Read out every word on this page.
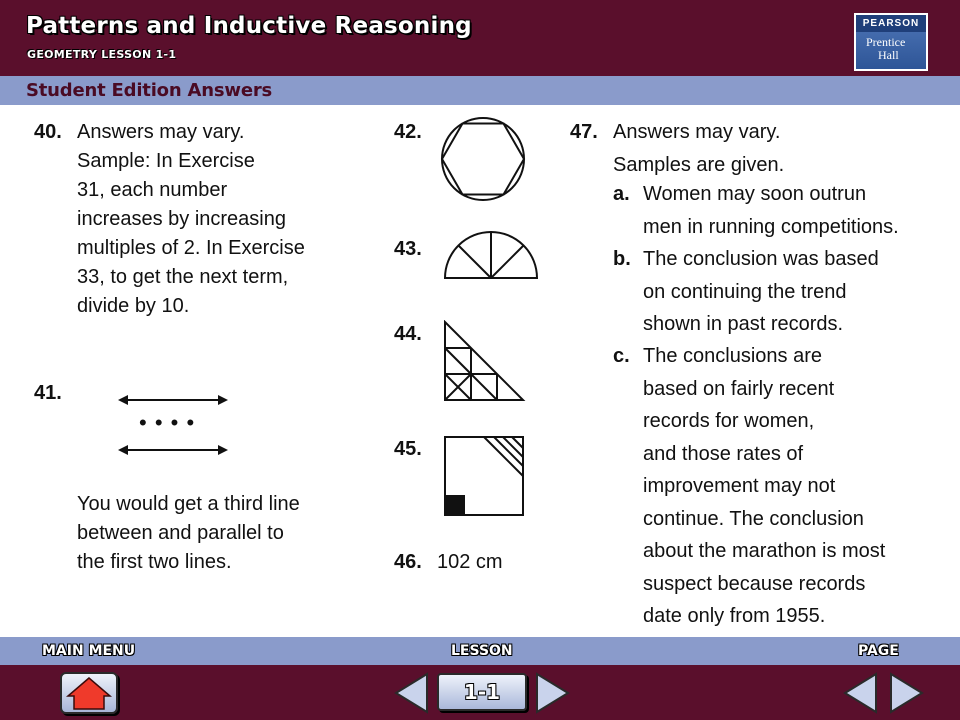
Patterns and Inductive Reasoning
GEOMETRY LESSON 1-1
PEARSON
Prentice
Hall
Student Edition Answers
40. Answers may vary.
Sample: In Exercise
31, each number
increases by increasing
multiples of 2. In Exercise
33, to get the next term,
divide by 10.
41.
• • • •
You would get a third line
between and parallel to
the first two lines.
42.
43.
44.
45.
46. 102 cm
47. Answers may vary.
Samples are given.
a. Women may soon outrun
men in running competitions.
b. The conclusion was based
on continuing the trend
shown in past records.
c. The conclusions are
based on fairly recent
records for women,
and those rates of
improvement may not
continue. The conclusion
about the marathon is most
suspect because records
date only from 1955.
MAIN MENU	LESSON	PAGE
1-1
